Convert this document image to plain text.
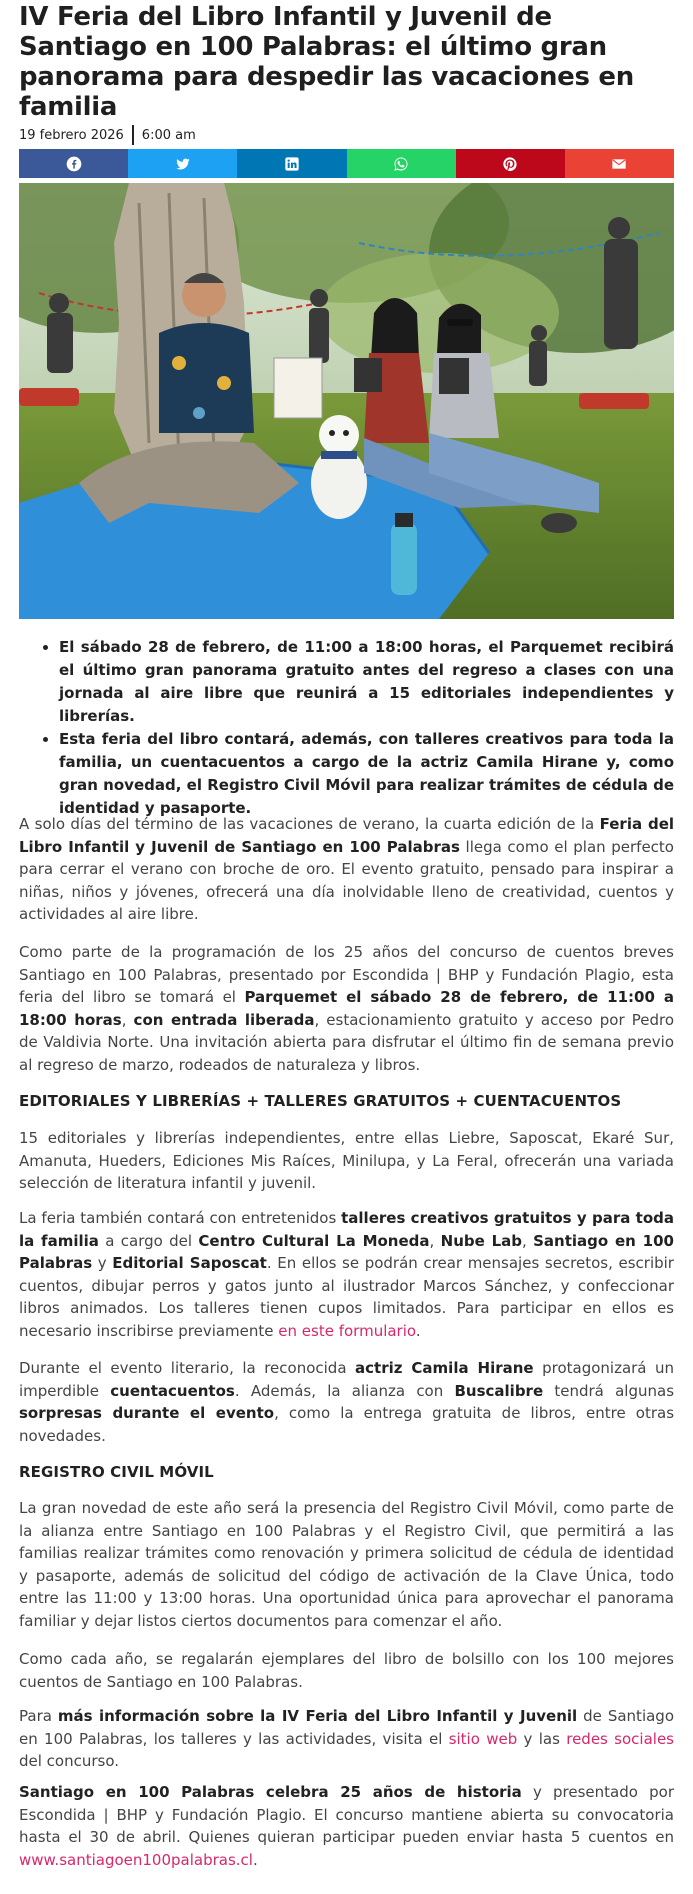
IV Feria del Libro Infantil y Juvenil de Santiago en 100 Palabras: el último gran panorama para despedir las vacaciones en familia
19 febrero 2026 6:00 am
• El sábado 28 de febrero, de 11:00 a 18:00 horas, el Parquemet recibirá el último gran panorama gratuito antes del regreso a clases con una jornada al aire libre que reunirá a 15 editoriales independientes y librerías.
• Esta feria del libro contará, además, con talleres creativos para toda la familia, un cuentacuentos a cargo de la actriz Camila Hirane y, como gran novedad, el Registro Civil Móvil para realizar trámites de cédula de identidad y pasaporte.

A solo días del término de las vacaciones de verano, la cuarta edición de la Feria del Libro Infantil y Juvenil de Santiago en 100 Palabras llega como el plan perfecto para cerrar el verano con broche de oro. El evento gratuito, pensado para inspirar a niñas, niños y jóvenes, ofrecerá una día inolvidable lleno de creatividad, cuentos y actividades al aire libre.

Como parte de la programación de los 25 años del concurso de cuentos breves Santiago en 100 Palabras, presentado por Escondida | BHP y Fundación Plagio, esta feria del libro se tomará el Parquemet el sábado 28 de febrero, de 11:00 a 18:00 horas, con entrada liberada, estacionamiento gratuito y acceso por Pedro de Valdivia Norte. Una invitación abierta para disfrutar el último fin de semana previo al regreso de marzo, rodeados de naturaleza y libros.

EDITORIALES Y LIBRERÍAS + TALLERES GRATUITOS + CUENTACUENTOS

15 editoriales y librerías independientes, entre ellas Liebre, Saposcat, Ekaré Sur, Amanuta, Hueders, Ediciones Mis Raíces, Minilupa, y La Feral, ofrecerán una variada selección de literatura infantil y juvenil.

La feria también contará con entretenidos talleres creativos gratuitos y para toda la familia a cargo del Centro Cultural La Moneda, Nube Lab, Santiago en 100 Palabras y Editorial Saposcat. En ellos se podrán crear mensajes secretos, escribir cuentos, dibujar perros y gatos junto al ilustrador Marcos Sánchez, y confeccionar libros animados. Los talleres tienen cupos limitados. Para participar en ellos es necesario inscribirse previamente en este formulario.

Durante el evento literario, la reconocida actriz Camila Hirane protagonizará un imperdible cuentacuentos. Además, la alianza con Buscalibre tendrá algunas sorpresas durante el evento, como la entrega gratuita de libros, entre otras novedades.

REGISTRO CIVIL MÓVIL

La gran novedad de este año será la presencia del Registro Civil Móvil, como parte de la alianza entre Santiago en 100 Palabras y el Registro Civil, que permitirá a las familias realizar trámites como renovación y primera solicitud de cédula de identidad y pasaporte, además de solicitud del código de activación de la Clave Única, todo entre las 11:00 y 13:00 horas. Una oportunidad única para aprovechar el panorama familiar y dejar listos ciertos documentos para comenzar el año.

Como cada año, se regalarán ejemplares del libro de bolsillo con los 100 mejores cuentos de Santiago en 100 Palabras.

Para más información sobre la IV Feria del Libro Infantil y Juvenil de Santiago en 100 Palabras, los talleres y las actividades, visita el sitio web y las redes sociales del concurso.

Santiago en 100 Palabras celebra 25 años de historia y presentado por Escondida | BHP y Fundación Plagio. El concurso mantiene abierta su convocatoria hasta el 30 de abril. Quienes quieran participar pueden enviar hasta 5 cuentos en www.santiagoen100palabras.cl.
